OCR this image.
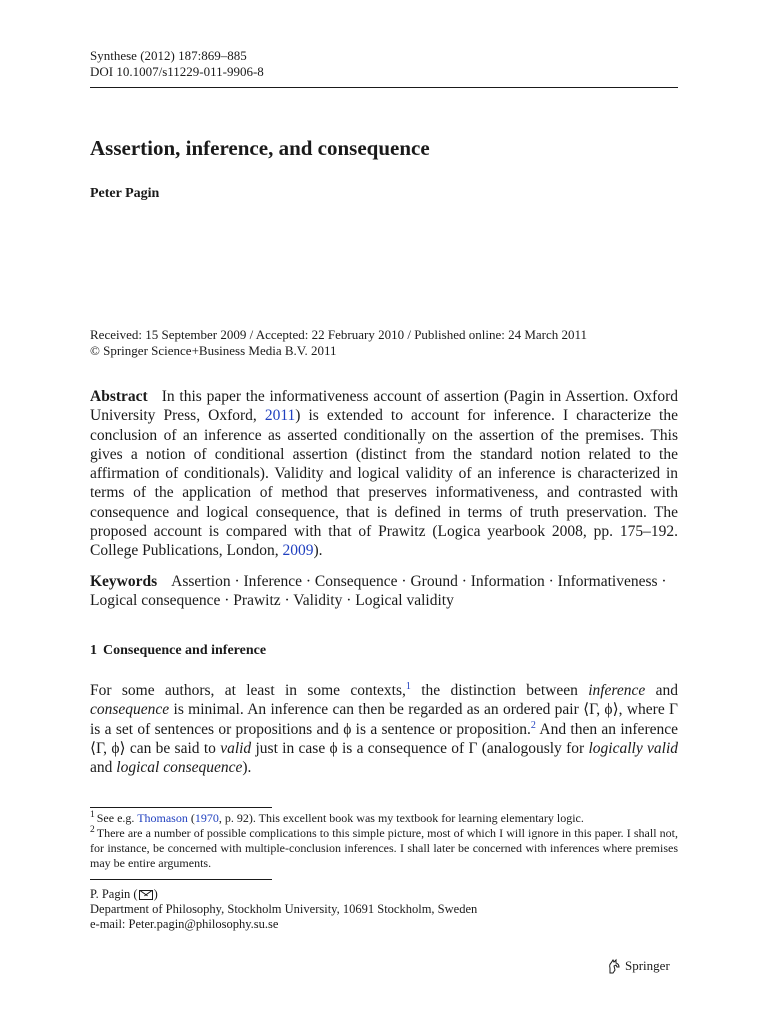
Synthese (2012) 187:869–885
DOI 10.1007/s11229-011-9906-8
Assertion, inference, and consequence
Peter Pagin
Received: 15 September 2009 / Accepted: 22 February 2010 / Published online: 24 March 2011
© Springer Science+Business Media B.V. 2011

Abstract In this paper the informativeness account of assertion (Pagin in Assertion. Oxford University Press, Oxford, 2011) is extended to account for inference. I characterize the conclusion of an inference as asserted conditionally on the assertion of the premises. This gives a notion of conditional assertion (distinct from the standard notion related to the affirmation of conditionals). Validity and logical validity of an inference is characterized in terms of the application of method that preserves informativeness, and contrasted with consequence and logical consequence, that is defined in terms of truth preservation. The proposed account is compared with that of Prawitz (Logica yearbook 2008, pp. 175–192. College Publications, London, 2009).

Keywords Assertion · Inference · Consequence · Ground · Information · Informativeness · Logical consequence · Prawitz · Validity · Logical validity

1 Consequence and inference

For some authors, at least in some contexts,$^1$ the distinction between inference and consequence is minimal. An inference can then be regarded as an ordered pair ⟨Γ, ϕ⟩, where Γ is a set of sentences or propositions and ϕ is a sentence or proposition.$^2$ And then an inference ⟨Γ, ϕ⟩ can be said to valid just in case ϕ is a consequence of Γ (analogously for logically valid and logical consequence).

$^1$ See e.g. Thomason (1970, p. 92). This excellent book was my textbook for learning elementary logic.

$^2$ There are a number of possible complications to this simple picture, most of which I will ignore in this paper. I shall not, for instance, be concerned with multiple-conclusion inferences. I shall later be concerned with inferences where premises may be entire arguments.

P. Pagin ( )
Department of Philosophy, Stockholm University, 10691 Stockholm, Sweden
e-mail: Peter.pagin@philosophy.su.se
Springer
